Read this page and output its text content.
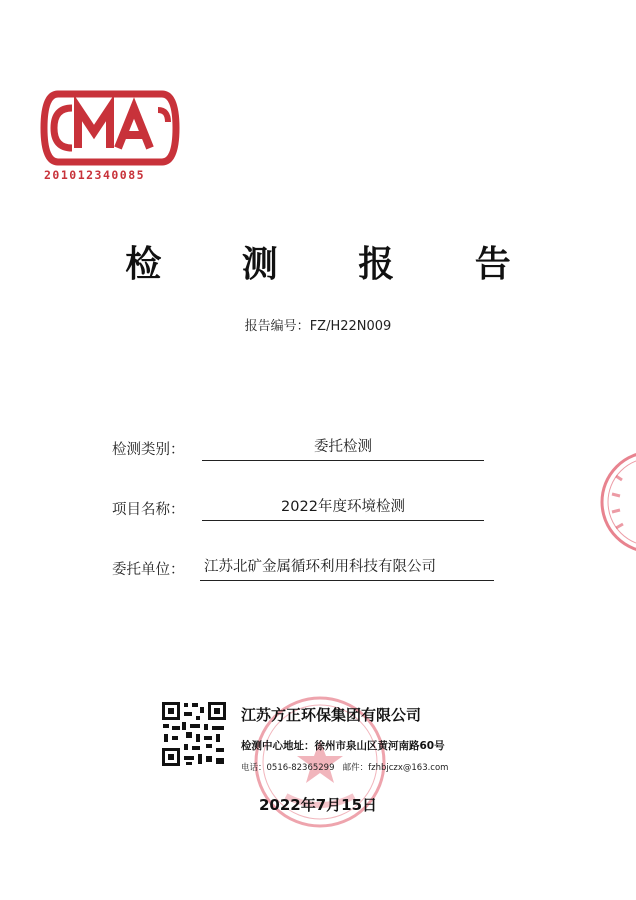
201012340085
检 测 报 告
报告编号：FZ/H22N009
检测类别：	委托检测
项目名称：	2022年度环境检测
委托单位： 江苏北矿金属循环利用科技有限公司
江苏方正环保集团有限公司
检测中心地址：徐州市泉山区黄河南路60号
电话：0516-82365299 邮件：fzhbjczx@163.com
2022年7月15日
